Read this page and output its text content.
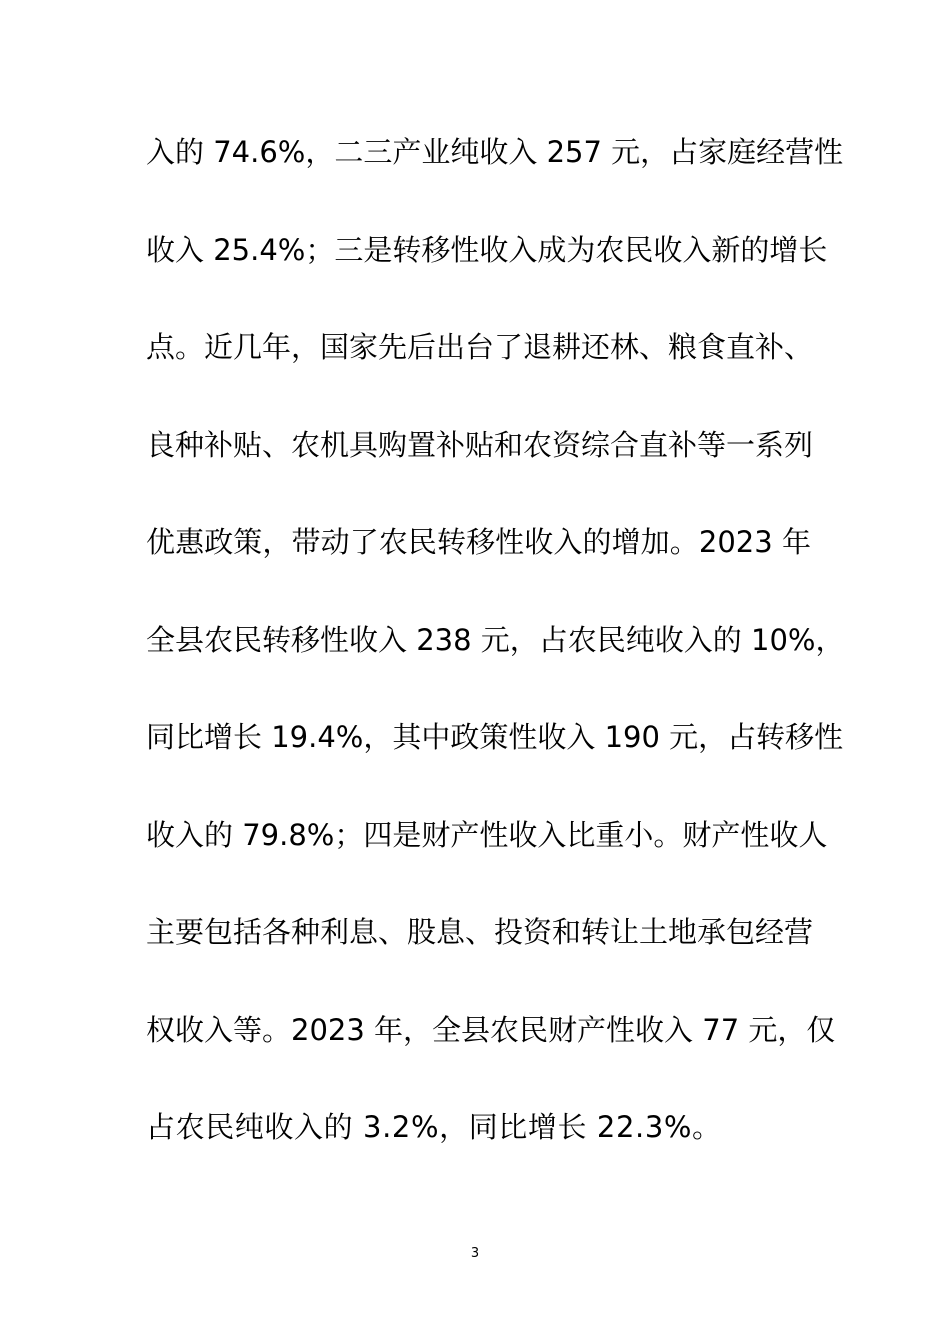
入的 74.6%，二三产业纯收入 257 元，占家庭经营性
收入 25.4%；三是转移性收入成为农民收入新的增长
点。近几年，国家先后出台了退耕还林、粮食直补、
良种补贴、农机具购置补贴和农资综合直补等一系列
优惠政策，带动了农民转移性收入的增加。2023 年
全县农民转移性收入 238 元，占农民纯收入的 10%，
同比增长 19.4%，其中政策性收入 190 元，占转移性
收入的 79.8%；四是财产性收入比重小。财产性收人
主要包括各种利息、股息、投资和转让土地承包经营
权收入等。2023 年，全县农民财产性收入 77 元，仅
占农民纯收入的 3.2%，同比增长 22.3%。
3
